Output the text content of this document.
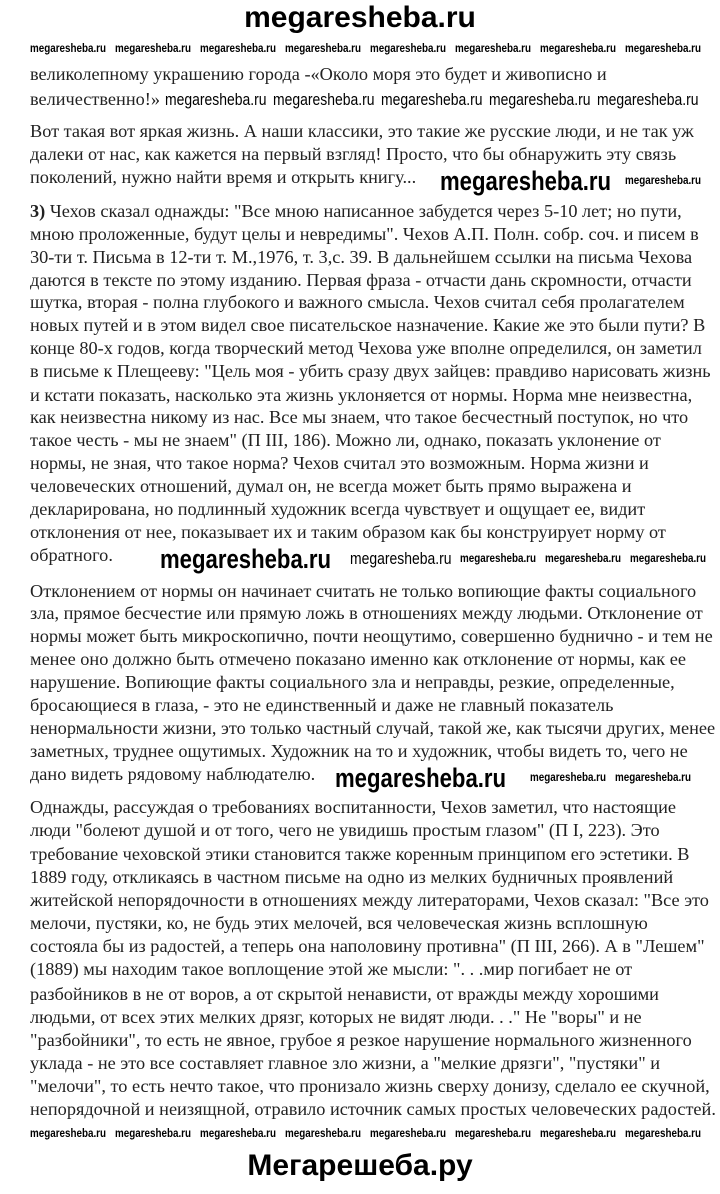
megaresheba.ru
великолепному украшению города -«Около моря это будет и живописно и
величественно!»
Вот такая вот яркая жизнь. А наши классики, это такие же русские люди, и не так уж
далеки от нас, как кажется на первый взгляд! Просто, что бы обнаружить эту связь
поколений, нужно найти время и открыть книгу...
3) Чехов сказал однажды: "Все мною написанное забудется через 5-10 лет; но пути,
мною проложенные, будут целы и невредимы". Чехов А.П. Полн. собр. соч. и писем в
30-ти т. Письма в 12-ти т. М.,1976, т. 3,с. 39. В дальнейшем ссылки на письма Чехова
даются в тексте по этому изданию. Первая фраза - отчасти дань скромности, отчасти
шутка, вторая - полна глубокого и важного смысла. Чехов считал себя пролагателем
новых путей и в этом видел свое писательское назначение. Какие же это были пути? В
конце 80-х годов, когда творческий метод Чехова уже вполне определился, он заметил
в письме к Плещееву: "Цель моя - убить сразу двух зайцев: правдиво нарисовать жизнь
и кстати показать, насколько эта жизнь уклоняется от нормы. Норма мне неизвестна,
как неизвестна никому из нас. Все мы знаем, что такое бесчестный поступок, но что
такое честь - мы не знаем" (П III, 186). Можно ли, однако, показать уклонение от
нормы, не зная, что такое норма? Чехов считал это возможным. Норма жизни и
человеческих отношений, думал он, не всегда может быть прямо выражена и
декларирована, но подлинный художник всегда чувствует и ощущает ее, видит
отклонения от нее, показывает их и таким образом как бы конструирует норму от
обратного.
Отклонением от нормы он начинает считать не только вопиющие факты социального
зла, прямое бесчестие или прямую ложь в отношениях между людьми. Отклонение от
нормы может быть микроскопично, почти неощутимо, совершенно буднично - и тем не
менее оно должно быть отмечено показано именно как отклонение от нормы, как ее
нарушение. Вопиющие факты социального зла и неправды, резкие, определенные,
бросающиеся в глаза, - это не единственный и даже не главный показатель
ненормальности жизни, это только частный случай, такой же, как тысячи других, менее
заметных, труднее ощутимых. Художник на то и художник, чтобы видеть то, чего не
дано видеть рядовому наблюдателю.
Однажды, рассуждая о требованиях воспитанности, Чехов заметил, что настоящие
люди "болеют душой и от того, чего не увидишь простым глазом" (П I, 223). Это
требование чеховской этики становится также коренным принципом его эстетики. В
1889 году, откликаясь в частном письме на одно из мелких будничных проявлений
житейской непорядочности в отношениях между литераторами, Чехов сказал: "Все это
мелочи, пустяки, ко, не будь этих мелочей, вся человеческая жизнь всплошную
состояла бы из радостей, а теперь она наполовину противна" (П III, 266). А в "Лешем"
(1889) мы находим такое воплощение этой же мысли: ". . .мир погибает не от
разбойников в не от воров, а от скрытой ненависти, от вражды между хорошими
людьми, от всех этих мелких дрязг, которых не видят люди. . ." Не "воры" и не
"разбойники", то есть не явное, грубое я резкое нарушение нормального жизненного
уклада - не это все составляет главное зло жизни, а "мелкие дрязги", "пустяки" и
"мелочи", то есть нечто такое, что пронизало жизнь сверху донизу, сделало ее скучной,
непорядочной и неизящной, отравило источник самых простых человеческих радостей.
megaresheba.ru megaresheba.ru megaresheba.ru megaresheba.ru megaresheba.ru megaresheba.ru megaresheba.ru megaresheba.ru
megaresheba.ru megaresheba.ru megaresheba.ru megaresheba.ru megaresheba.ru
megaresheba.ru megaresheba.ru
megaresheba.ru megaresheba.ru megaresheba.ru megaresheba.ru megaresheba.ru
megaresheba.ru megaresheba.ru megaresheba.ru
megaresheba.ru megaresheba.ru megaresheba.ru megaresheba.ru megaresheba.ru megaresheba.ru megaresheba.ru megaresheba.ru
Мегарешеба.ру
